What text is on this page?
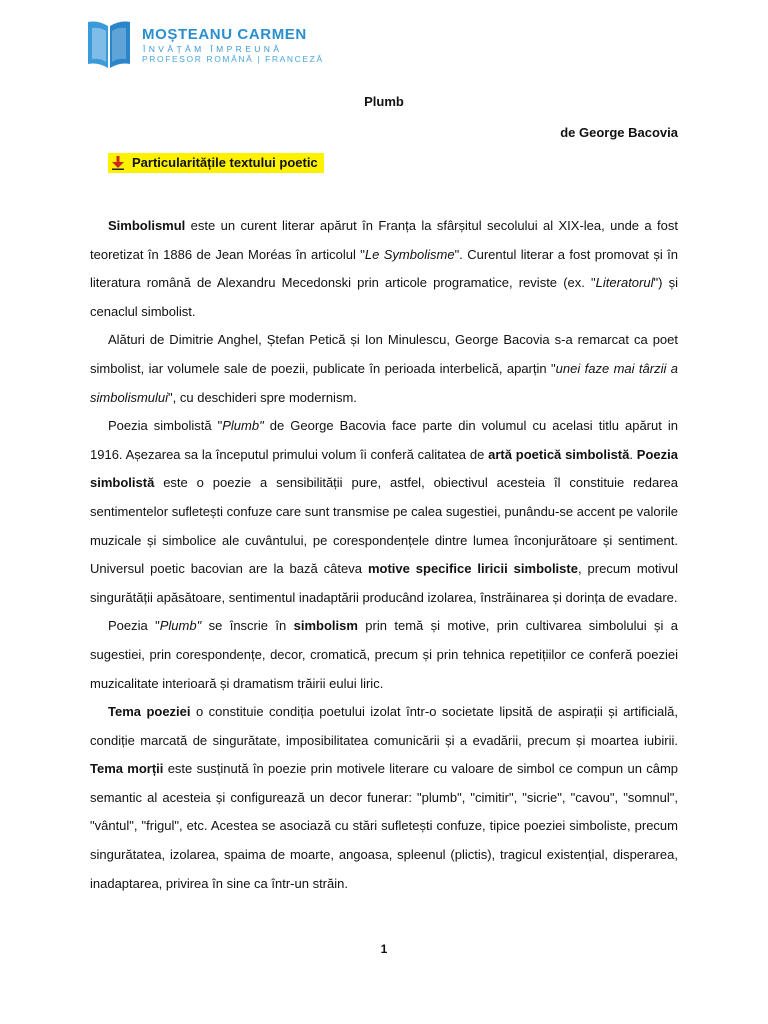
MOȘTEANU CARMEN
ÎNVĂȚĂM ÎMPREUNĂ
PROFESOR ROMÂNĂ | FRANCEZĂ
Plumb
de George Bacovia
Particularitățile textului poetic

Simbolismul este un curent literar apărut în Franța la sfârșitul secolului al XIX-lea, unde a fost teoretizat în 1886 de Jean Moréas în articolul "Le Symbolisme". Curentul literar a fost promovat și în literatura română de Alexandru Mecedonski prin articole programatice, reviste (ex. "Literatorul") și cenaclul simbolist.

Alături de Dimitrie Anghel, Ștefan Petică și Ion Minulescu, George Bacovia s-a remarcat ca poet simbolist, iar volumele sale de poezii, publicate în perioada interbelică, aparțin "unei faze mai târzii a simbolismului", cu deschideri spre modernism.

Poezia simbolistă "Plumb" de George Bacovia face parte din volumul cu acelasi titlu apărut in 1916. Așezarea sa la începutul primului volum îi conferă calitatea de artă poetică simbolistă. Poezia simbolistă este o poezie a sensibilității pure, astfel, obiectivul acesteia îl constituie redarea sentimentelor sufletești confuze care sunt transmise pe calea sugestiei, punându-se accent pe valorile muzicale și simbolice ale cuvântului, pe corespondențele dintre lumea înconjurătoare și sentiment. Universul poetic bacovian are la bază câteva motive specifice liricii simboliste, precum motivul singurătății apăsătoare, sentimentul inadaptării producând izolarea, înstrăinarea și dorința de evadare.

Poezia "Plumb" se înscrie în simbolism prin temă și motive, prin cultivarea simbolului și a sugestiei, prin corespondențe, decor, cromatică, precum și prin tehnica repetițiilor ce conferă poeziei muzicalitate interioară și dramatism trăirii eului liric.

Tema poeziei o constituie condiția poetului izolat într-o societate lipsită de aspirații și artificială, condiție marcată de singurătate, imposibilitatea comunicării și a evadării, precum și moartea iubirii. Tema morții este susținută în poezie prin motivele literare cu valoare de simbol ce compun un câmp semantic al acesteia și configurează un decor funerar: "plumb", "cimitir", "sicrie", "cavou", "somnul", "vântul", "frigul", etc. Acestea se asociază cu stări sufletești confuze, tipice poeziei simboliste, precum singurătatea, izolarea, spaima de moarte, angoasa, spleenul (plictis), tragicul existențial, disperarea, inadaptarea, privirea în sine ca într-un străin.

1
